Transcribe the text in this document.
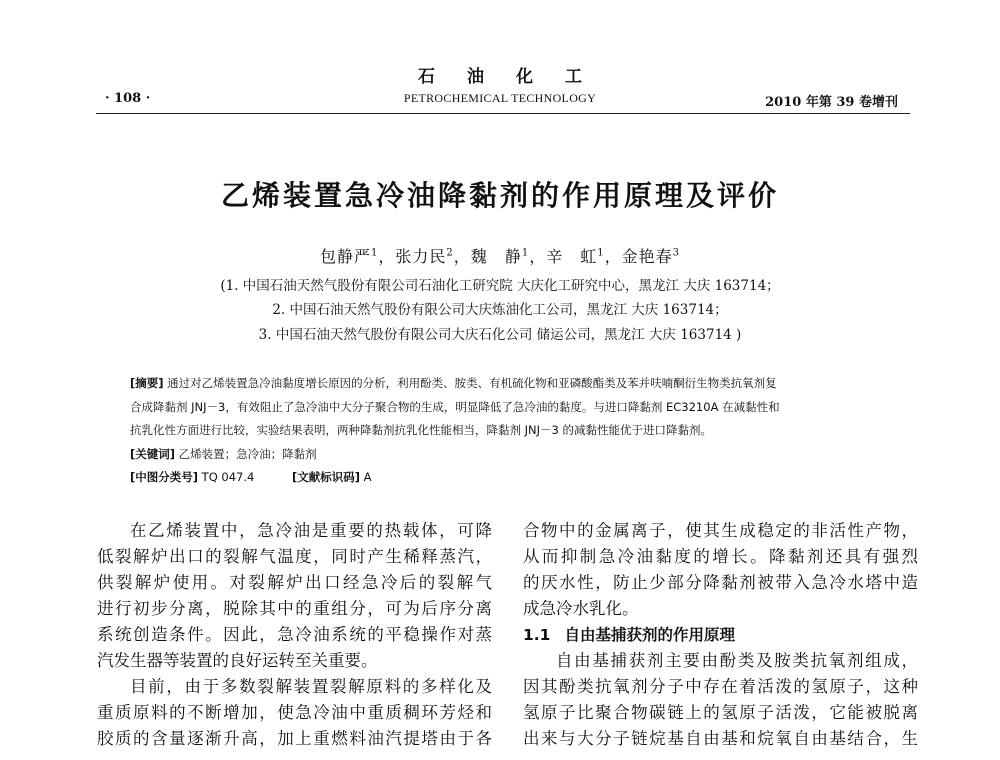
石 油 化 工
· 108 ·	PETROCHEMICAL TECHNOLOGY	2010 年第 39 卷增刊
乙烯装置急冷油降黏剂的作用原理及评价
包静严$^1$，张力民$^2$，魏　静$^1$，辛　虹$^1$，金艳春$^3$
(1. 中国石油天然气股份有限公司石油化工研究院 大庆化工研究中心，黑龙江 大庆 163714；
2. 中国石油天然气股份有限公司大庆炼油化工公司，黑龙江 大庆 163714；
3. 中国石油天然气股份有限公司大庆石化公司 储运公司，黑龙江 大庆 163714 )
[摘要] 通过对乙烯装置急冷油黏度增长原因的分析，利用酚类、胺类、有机硫化物和亚磷酸酯类及苯并呋喃酮衍生物类抗氧剂复
合成降黏剂 JNJ－3，有效阻止了急冷油中大分子聚合物的生成，明显降低了急冷油的黏度。与进口降黏剂 EC3210A 在减黏性和
抗乳化性方面进行比较，实验结果表明，两种降黏剂抗乳化性能相当，降黏剂 JNJ－3 的减黏性能优于进口降黏剂。
[关键词] 乙烯装置；急冷油；降黏剂
[中图分类号] TQ 047.4	[文献标识码] A
在乙烯装置中，急冷油是重要的热载体，可降
低裂解炉出口的裂解气温度，同时产生稀释蒸汽，
供裂解炉使用。对裂解炉出口经急冷后的裂解气
进行初步分离，脱除其中的重组分，可为后序分离
系统创造条件。因此，急冷油系统的平稳操作对蒸
汽发生器等装置的良好运转至关重要。
目前，由于多数裂解装置裂解原料的多样化及
重质原料的不断增加，使急冷油中重质稠环芳烃和
胶质的含量逐渐升高，加上重燃料油汽提塔由于各
合物中的金属离子，使其生成稳定的非活性产物，
从而抑制急冷油黏度的增长。降黏剂还具有强烈
的厌水性，防止少部分降黏剂被带入急冷水塔中造
成急冷水乳化。
1.1 自由基捕获剂的作用原理
自由基捕获剂主要由酚类及胺类抗氧剂组成，
因其酚类抗氧剂分子中存在着活泼的氢原子，这种
氢原子比聚合物碳链上的氢原子活泼，它能被脱离
出来与大分子链烷基自由基和烷氧自由基结合，生
